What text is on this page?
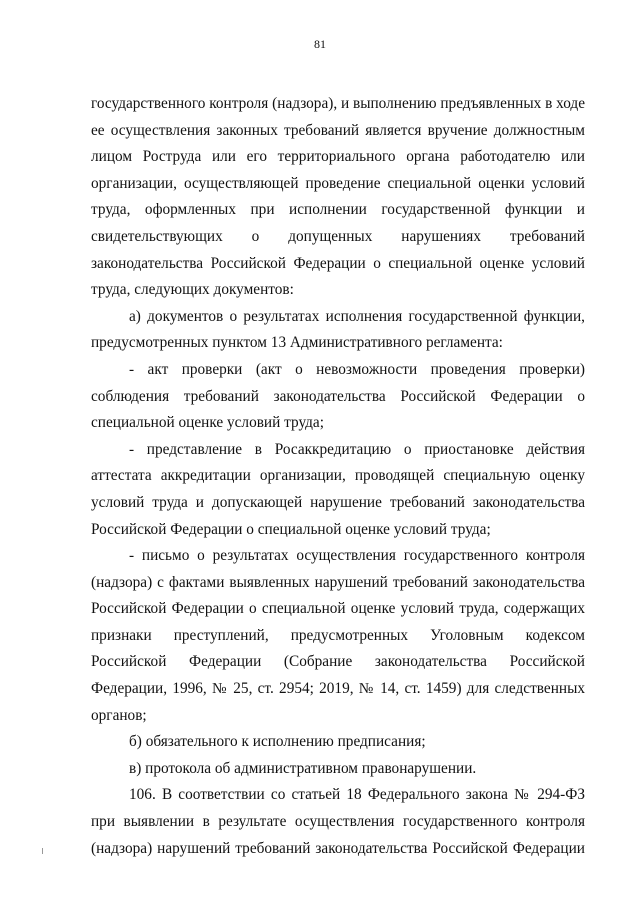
81

государственного контроля (надзора), и выполнению предъявленных в ходе ее осуществления законных требований является вручение должностным лицом Роструда или его территориального органа работодателю или организации, осуществляющей проведение специальной оценки условий труда, оформленных при исполнении государственной функции и свидетельствующих о допущенных нарушениях требований законодательства Российской Федерации о специальной оценке условий труда, следующих документов:

а) документов о результатах исполнения государственной функции, предусмотренных пунктом 13 Административного регламента:

- акт проверки (акт о невозможности проведения проверки) соблюдения требований законодательства Российской Федерации о специальной оценке условий труда;

- представление в Росаккредитацию о приостановке действия аттестата аккредитации организации, проводящей специальную оценку условий труда и допускающей нарушение требований законодательства Российской Федерации о специальной оценке условий труда;

- письмо о результатах осуществления государственного контроля (надзора) с фактами выявленных нарушений требований законодательства Российской Федерации о специальной оценке условий труда, содержащих признаки преступлений, предусмотренных Уголовным кодексом Российской Федерации (Собрание законодательства Российской Федерации, 1996, № 25, ст. 2954; 2019, № 14, ст. 1459) для следственных органов;

б) обязательного к исполнению предписания;

в) протокола об административном правонарушении.

106. В соответствии со статьей 18 Федерального закона № 294-ФЗ при выявлении в результате осуществления государственного контроля (надзора) нарушений требований законодательства Российской Федерации
